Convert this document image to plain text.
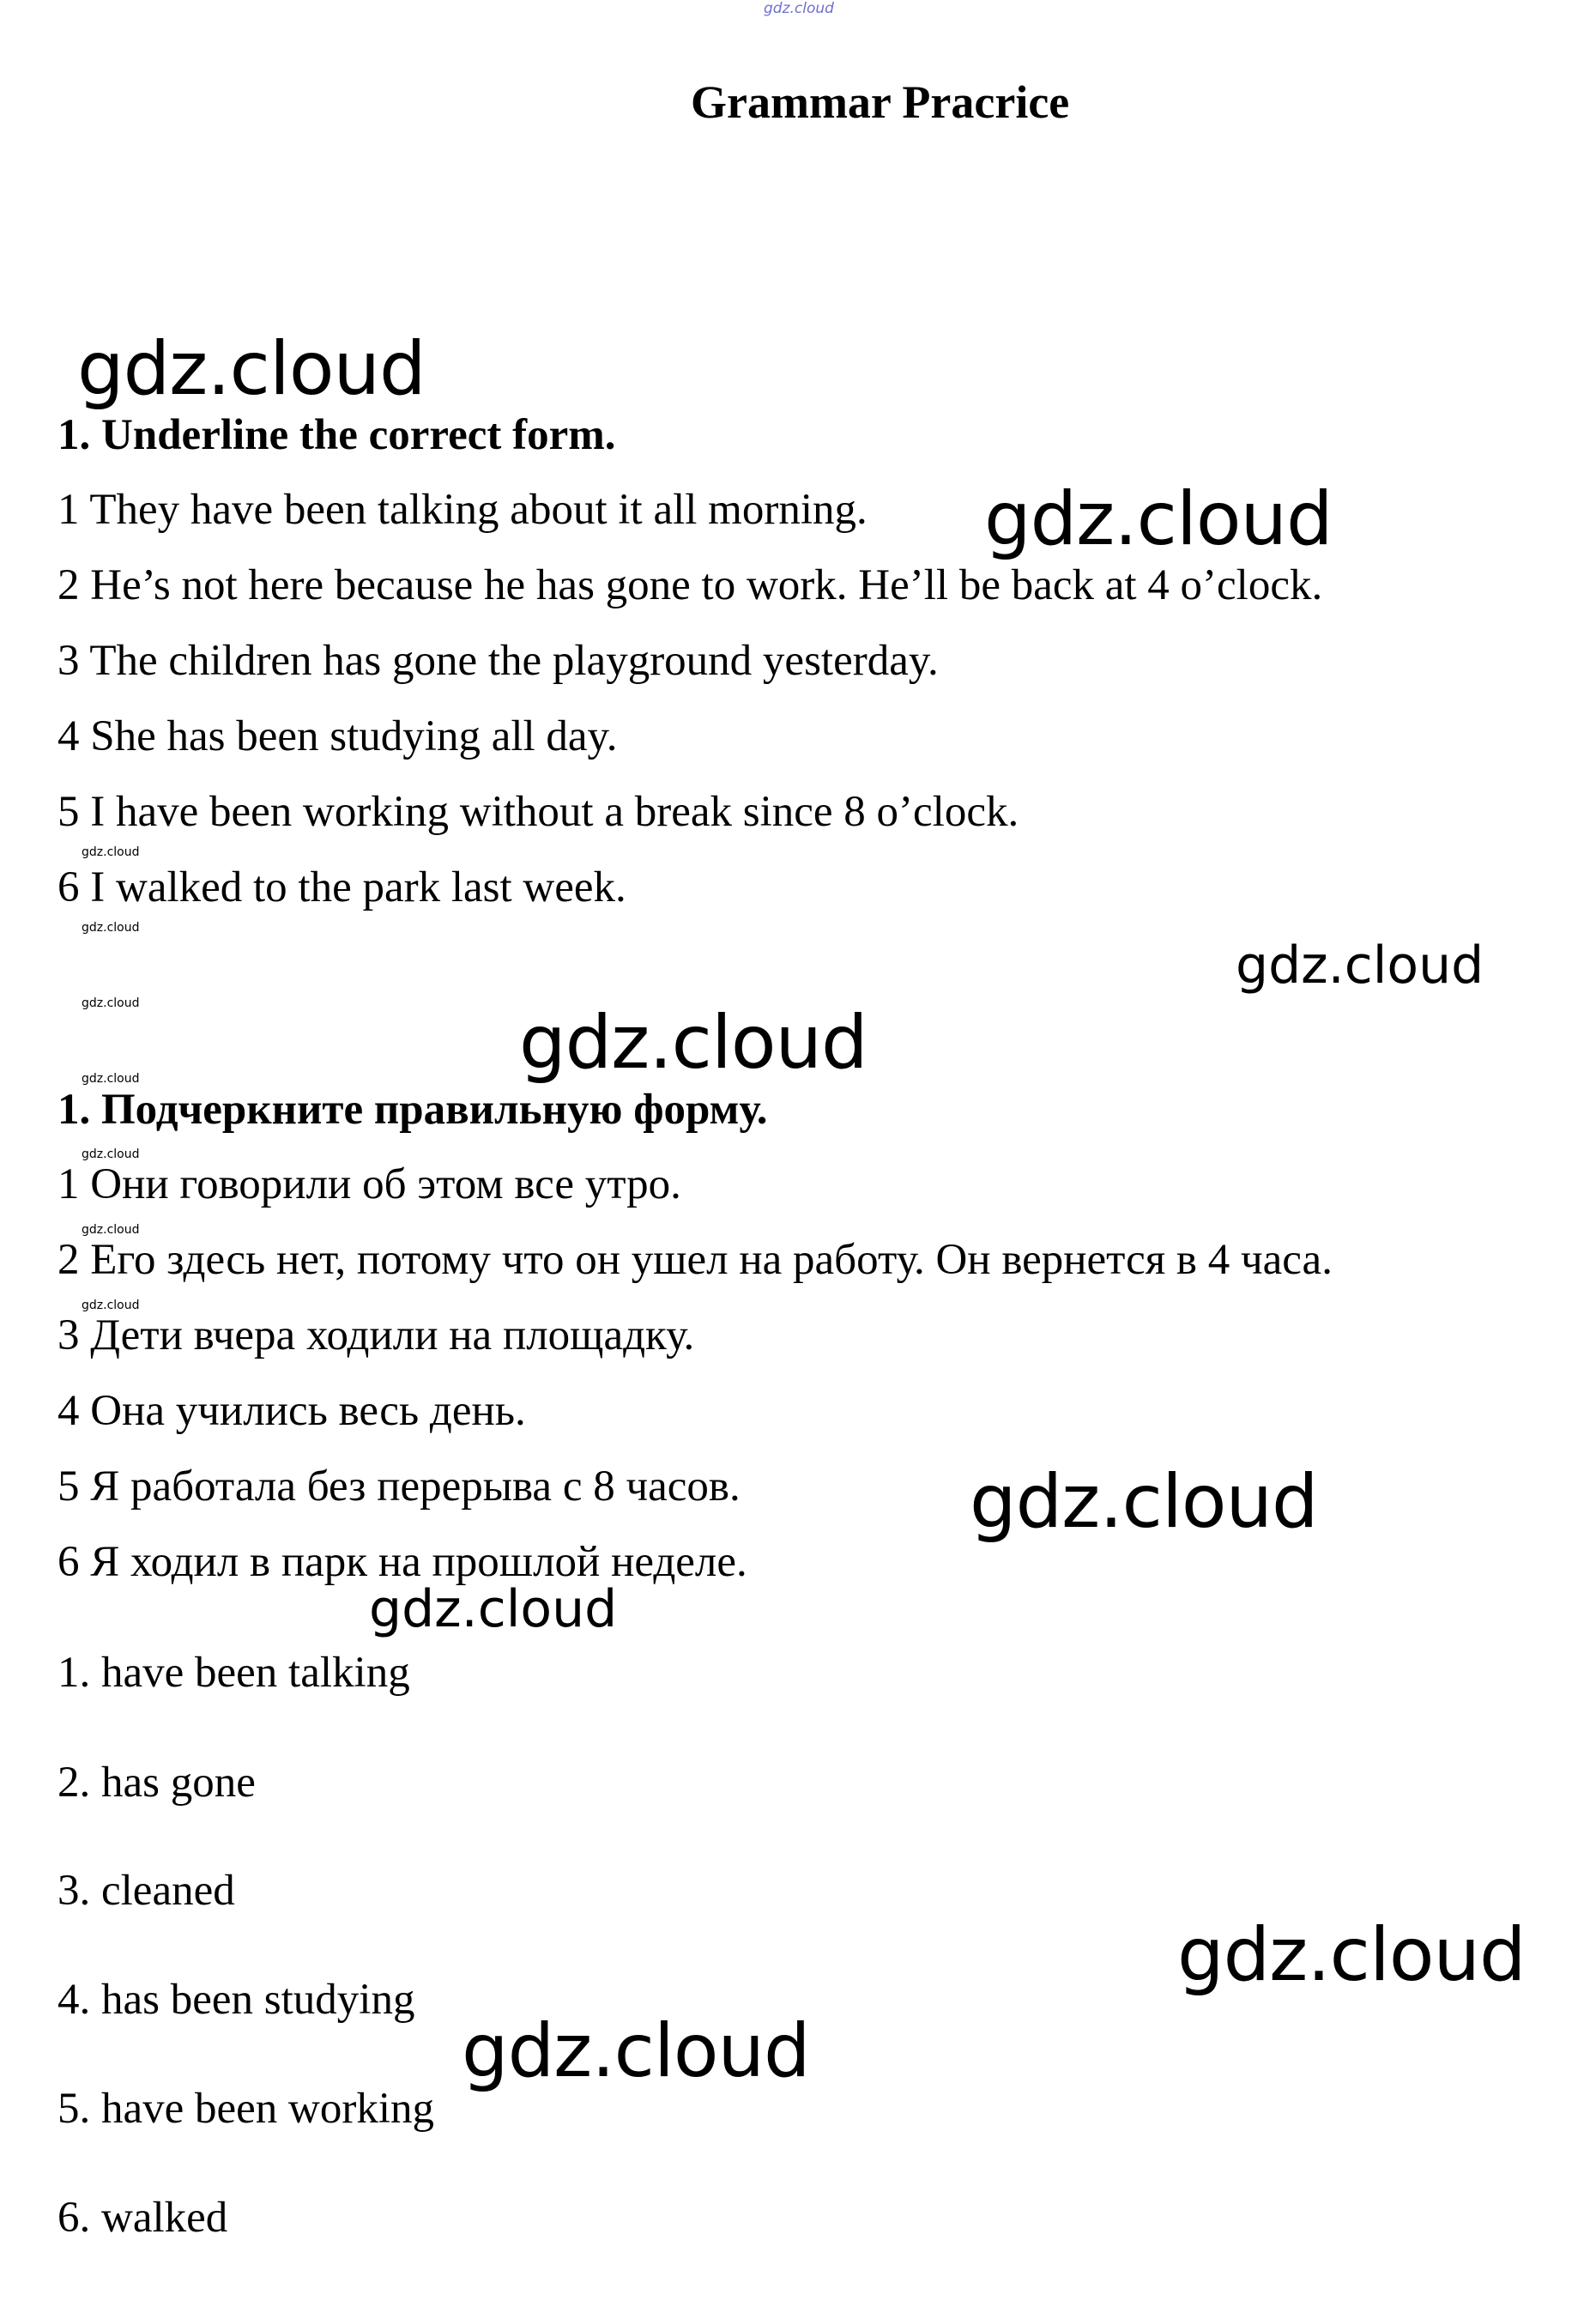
gdz.cloud
Grammar Pracrice
1. Underline the correct form.
1 They have been talking about it all morning.
2 He’s not here because he has gone to work. He’ll be back at 4 o’clock.
3 The children has gone the playground yesterday.
4 She has been studying all day.
5 I have been working without a break since 8 o’clock.
6 I walked to the park last week.
1. Подчеркните правильную форму.
1 Они говорили об этом все утро.
2 Его здесь нет, потому что он ушел на работу. Он вернется в 4 часа.
3 Дети вчера ходили на площадку.
4 Она учились весь день.
5 Я работала без перерыва с 8 часов.
6 Я ходил в парк на прошлой неделе.
1. have been talking
2. has gone
3. cleaned
4. has been studying
5. have been working
6. walked
gdz.cloud
gdz.cloud
gdz.cloud
gdz.cloud
gdz.cloud
gdz.cloud
gdz.cloud
gdz.cloud
gdz.cloud
gdz.cloud
gdz.cloud
gdz.cloud
gdz.cloud
gdz.cloud
gdz.cloud
